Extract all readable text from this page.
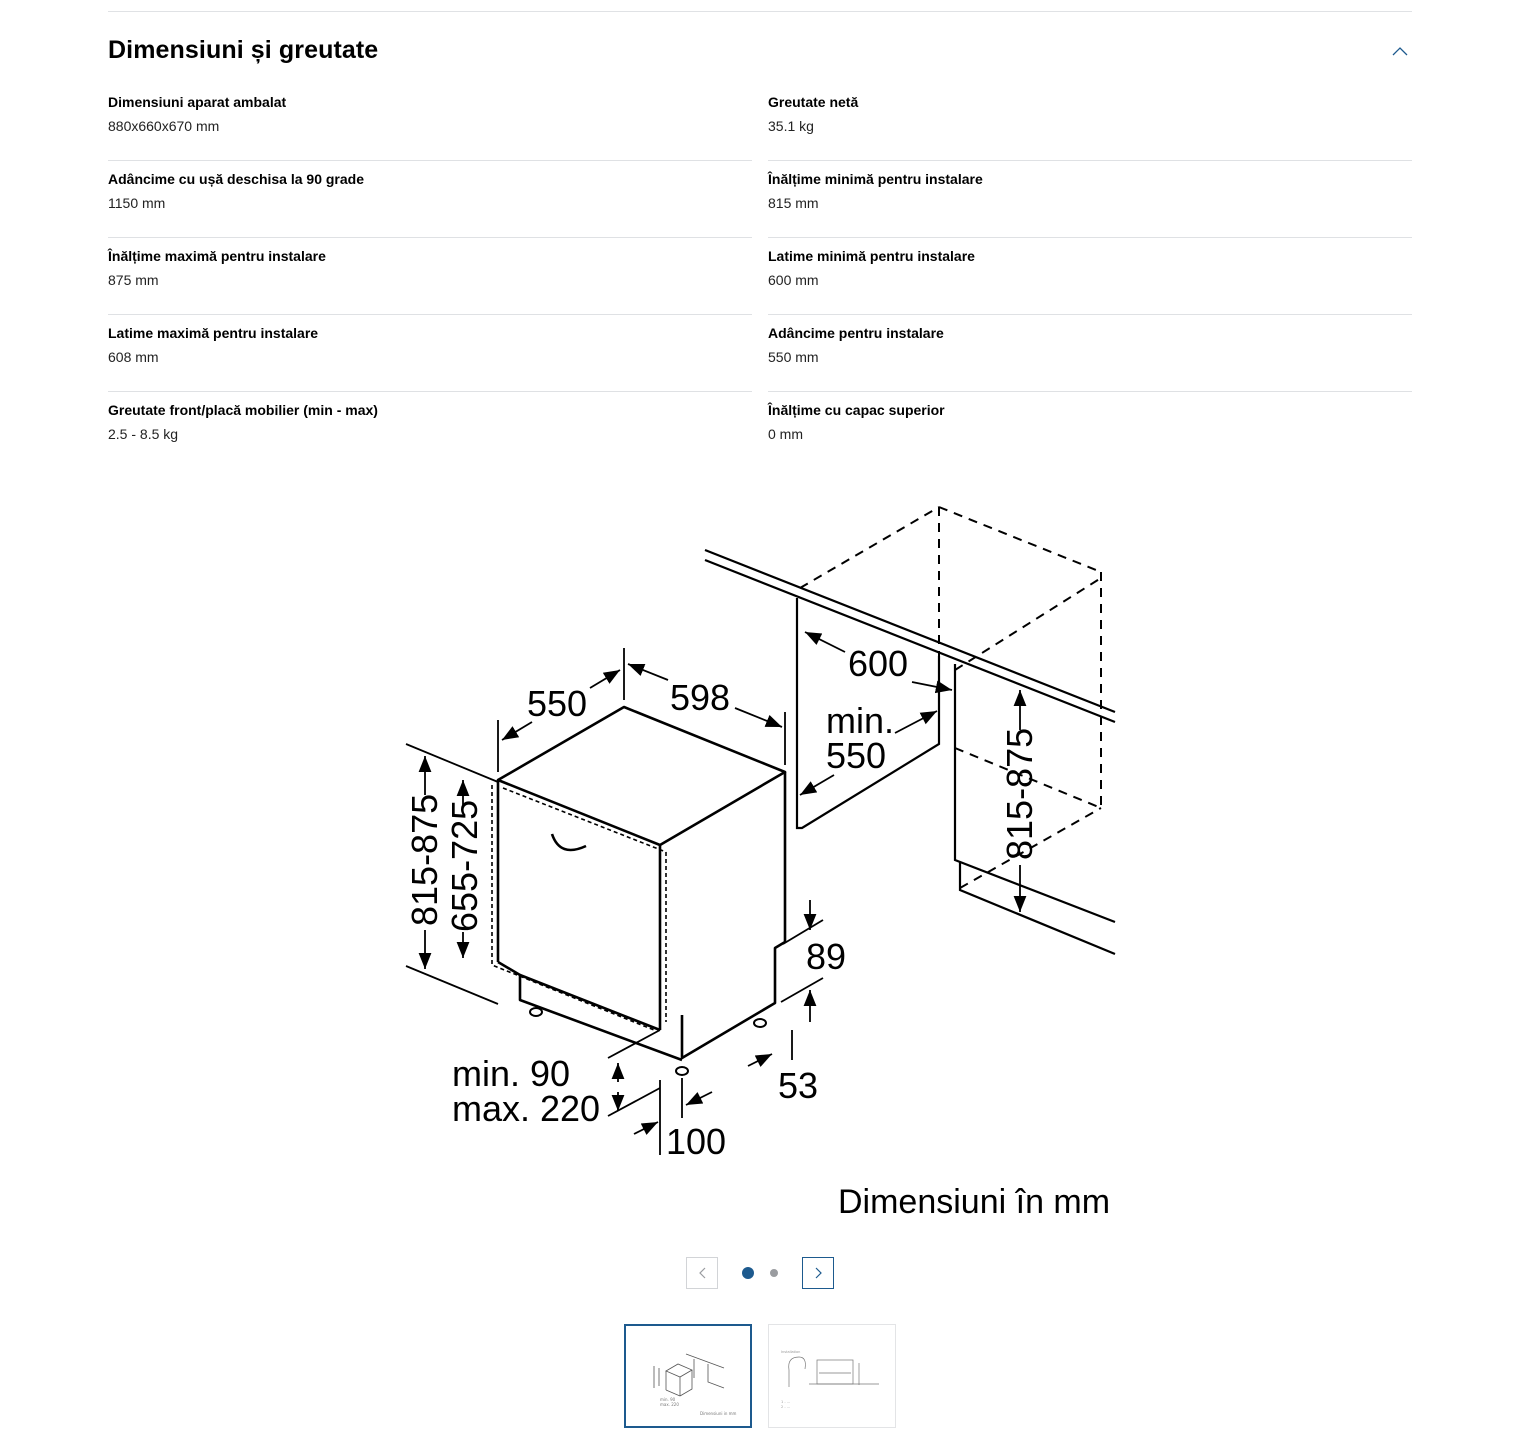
Dimensiuni și greutate
Dimensiuni aparat ambalat
880x660x670 mm
Greutate netă
35.1 kg
Adâncime cu ușă deschisa la 90 grade
1150 mm
Înălțime minimă pentru instalare
815 mm
Înălțime maximă pentru instalare
875 mm
Latime minimă pentru instalare
600 mm
Latime maximă pentru instalare
608 mm
Adâncime pentru instalare
550 mm
Greutate front/placă mobilier (min - max)
2.5 - 8.5 kg
Înălțime cu capac superior
0 mm
550 598
600
min.
550
89
53
min. 90
max. 220
100
815-875 655-725
815-875
Dimensiuni în mm
min. 90
max. 220
Dimensiuni in mm
Installation
1 - ...
2 - ...
